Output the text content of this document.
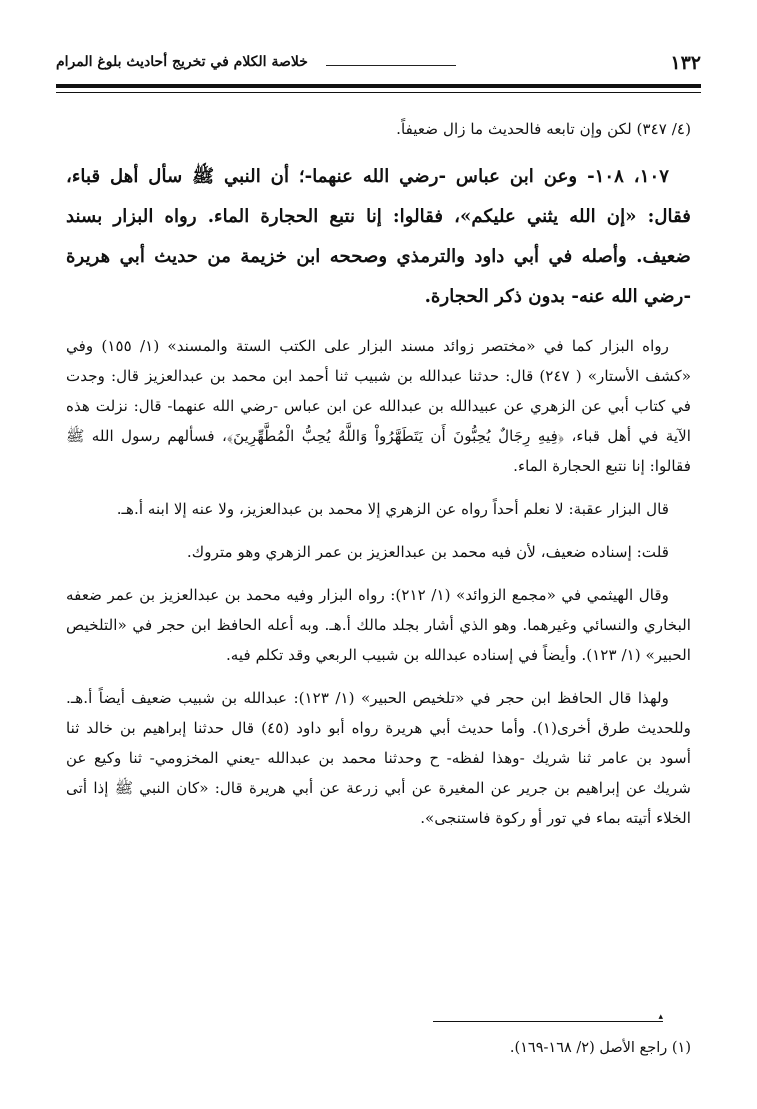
١٣٢
خلاصة الكلام في تخريج أحاديث بلوغ المرام

(٤/ ٣٤٧) لكن وإن تابعه فالحديث ما زال ضعيفاً.

١٠٧، ١٠٨- وعن ابن عباس -رضي الله عنهما-؛ أن النبي ﷺ سأل أهل قباء، فقال: «إن الله يثني عليكم»، فقالوا: إنا نتبع الحجارة الماء. رواه البزار بسند ضعيف. وأصله في أبي داود والترمذي وصححه ابن خزيمة من حديث أبي هريرة -رضي الله عنه- بدون ذكر الحجارة.

رواه البزار كما في «مختصر زوائد مسند البزار على الكتب الستة والمسند» (١/ ١٥٥) وفي «كشف الأستار» ( ٢٤٧) قال: حدثنا عبدالله بن شبيب ثنا أحمد ابن محمد بن عبدالعزيز قال: وجدت في كتاب أبي عن الزهري عن عبيدالله بن عبدالله عن ابن عباس -رضي الله عنهما- قال: نزلت هذه الآية في أهل قباء، ﴿فِيهِ رِجَالٌ يُحِبُّونَ أَن يَتَطَهَّرُواْ وَاللَّهُ يُحِبُّ الْمُطَّهِّرِينَ﴾، فسألهم رسول الله ﷺ فقالوا: إنا نتبع الحجارة الماء.

قال البزار عقبة: لا نعلم أحداً رواه عن الزهري إلا محمد بن عبدالعزيز، ولا عنه إلا ابنه أ.هـ.

قلت: إسناده ضعيف، لأن فيه محمد بن عبدالعزيز بن عمر الزهري وهو متروك.

وقال الهيثمي في «مجمع الزوائد» (١/ ٢١٢): رواه البزار وفيه محمد بن عبدالعزيز بن عمر ضعفه البخاري والنسائي وغيرهما. وهو الذي أشار بجلد مالك أ.هـ. وبه أعله الحافظ ابن حجر في «التلخيص الحبير» (١/ ١٢٣). وأيضاً في إسناده عبدالله بن شبيب الربعي وقد تكلم فيه.

ولهذا قال الحافظ ابن حجر في «تلخيص الحبير» (١/ ١٢٣): عبدالله بن شبيب ضعيف أيضاً أ.هـ. وللحديث طرق أخرى(١). وأما حديث أبي هريرة رواه أبو داود (٤٥) قال حدثنا إبراهيم بن خالد ثنا أسود بن عامر ثنا شريك -وهذا لفظه- ح وحدثنا محمد بن عبدالله -يعني المخزومي- ثنا وكيع عن شريك عن إبراهيم بن جرير عن المغيرة عن أبي زرعة عن أبي هريرة قال: «كان النبي ﷺ إذا أتى الخلاء أتيته بماء في تور أو ركوة فاستنجى».

▴
(١) راجع الأصل (٢/ ١٦٨-١٦٩).
